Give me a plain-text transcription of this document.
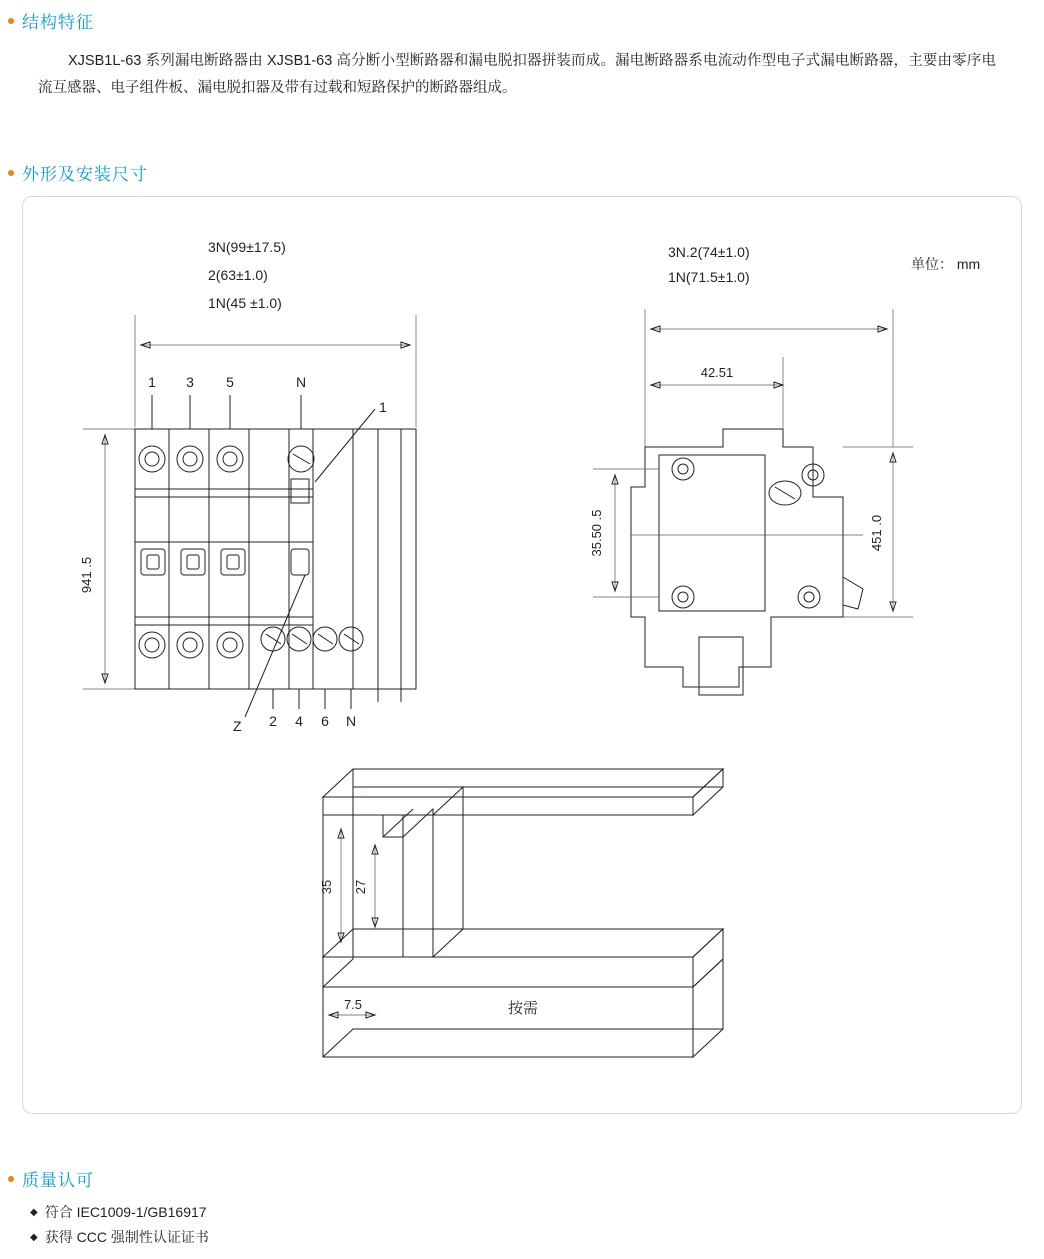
结构特征
XJSB1L-63 系列漏电断路器由 XJSB1-63 高分断小型断路器和漏电脱扣器拼装而成。漏电断路器系电流动作型电子式漏电断路器，主要由零序电流互感器、电子组件板、漏电脱扣器及带有过载和短路保护的断路器组成。
外形及安装尺寸
3N(99±17.5)
2(63±1.0)
1N(45 ±1.0)
3N.2(74±1.0)
1N(71.5±1.0)
单位： mm
941 .5
1 3 5	N
2 4 6 N
1
Z
42.51
35.50 .5	451 .0
35 27
7.5	按需
质量认可
◆ 符合 IEC1009-1/GB16917
◆ 获得 CCC 强制性认证证书
